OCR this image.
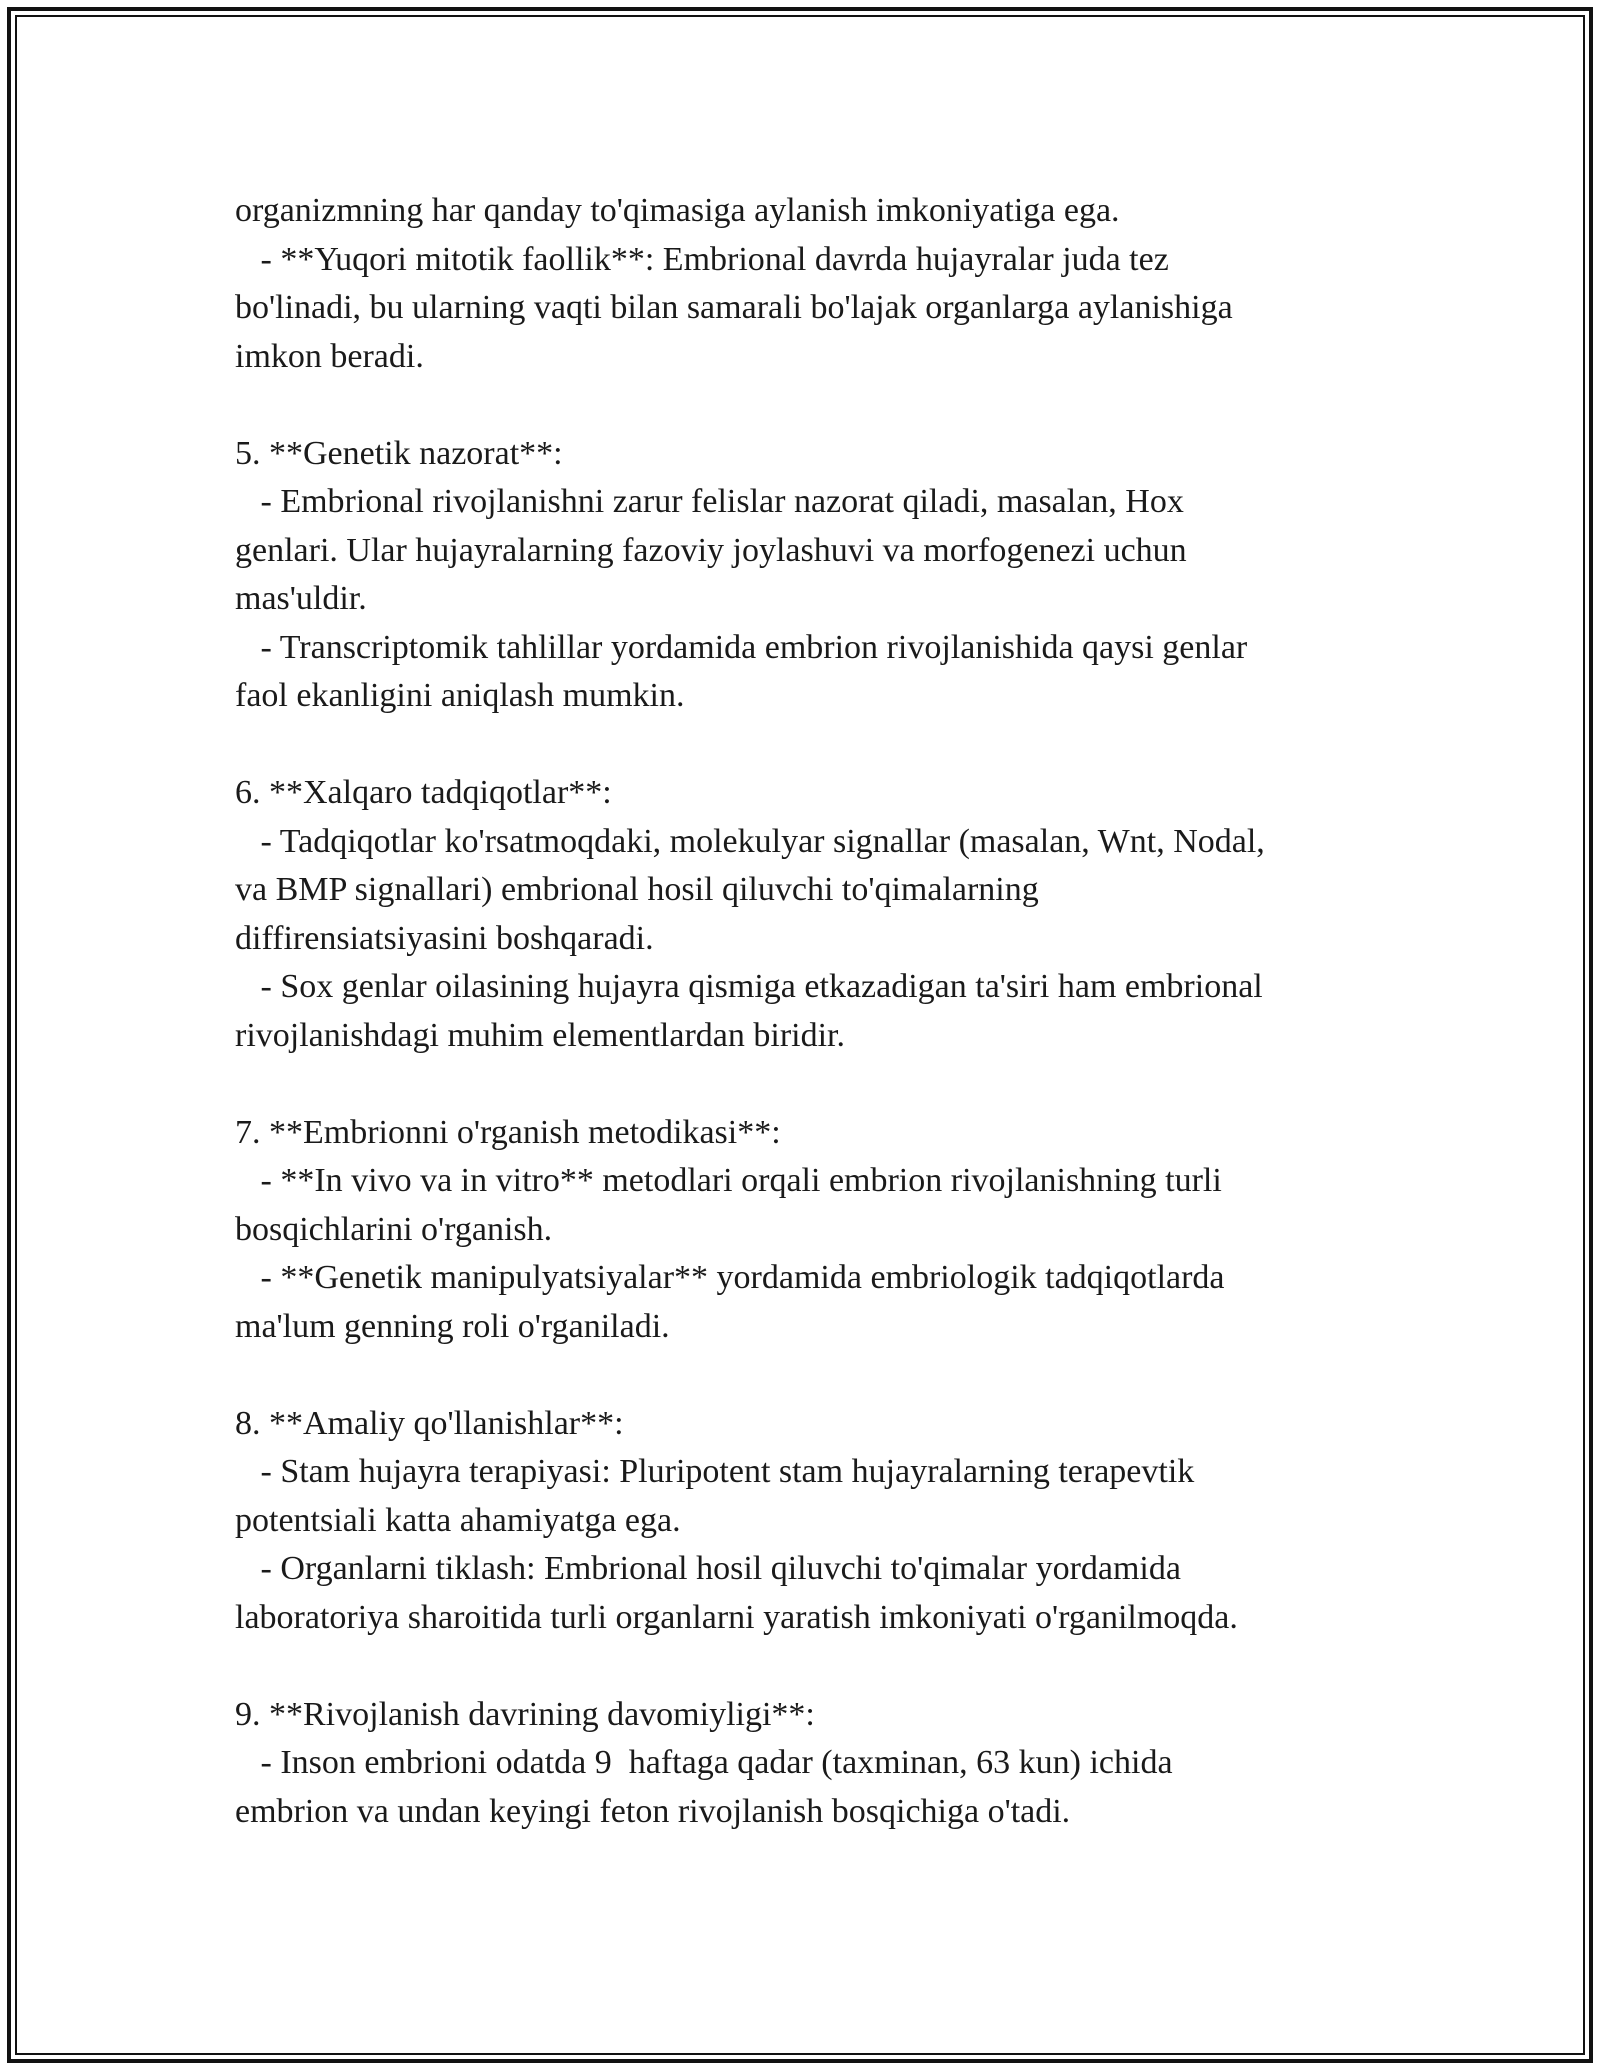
organizmning har qanday to'qimasiga aylanish imkoniyatiga ega.
- **Yuqori mitotik faollik**: Embrional davrda hujayralar juda tez
bo'linadi, bu ularning vaqti bilan samarali bo'lajak organlarga aylanishiga
imkon beradi.
5. **Genetik nazorat**:
- Embrional rivojlanishni zarur felislar nazorat qiladi, masalan, Hox
genlari. Ular hujayralarning fazoviy joylashuvi va morfogenezi uchun
mas'uldir.
- Transcriptomik tahlillar yordamida embrion rivojlanishida qaysi genlar
faol ekanligini aniqlash mumkin.
6. **Xalqaro tadqiqotlar**:
- Tadqiqotlar ko'rsatmoqdaki, molekulyar signallar (masalan, Wnt, Nodal,
va BMP signallari) embrional hosil qiluvchi to'qimalarning
diffirensiatsiyasini boshqaradi.
- Sox genlar oilasining hujayra qismiga etkazadigan ta'siri ham embrional
rivojlanishdagi muhim elementlardan biridir.
7. **Embrionni o'rganish metodikasi**:
- **In vivo va in vitro** metodlari orqali embrion rivojlanishning turli
bosqichlarini o'rganish.
- **Genetik manipulyatsiyalar** yordamida embriologik tadqiqotlarda
ma'lum genning roli o'rganiladi.
8. **Amaliy qo'llanishlar**:
- Stam hujayra terapiyasi: Pluripotent stam hujayralarning terapevtik
potentsiali katta ahamiyatga ega.
- Organlarni tiklash: Embrional hosil qiluvchi to'qimalar yordamida
laboratoriya sharoitida turli organlarni yaratish imkoniyati o'rganilmoqda.
9. **Rivojlanish davrining davomiyligi**:
- Inson embrioni odatda 9  haftaga qadar (taxminan, 63 kun) ichida
embrion va undan keyingi feton rivojlanish bosqichiga o'tadi.
